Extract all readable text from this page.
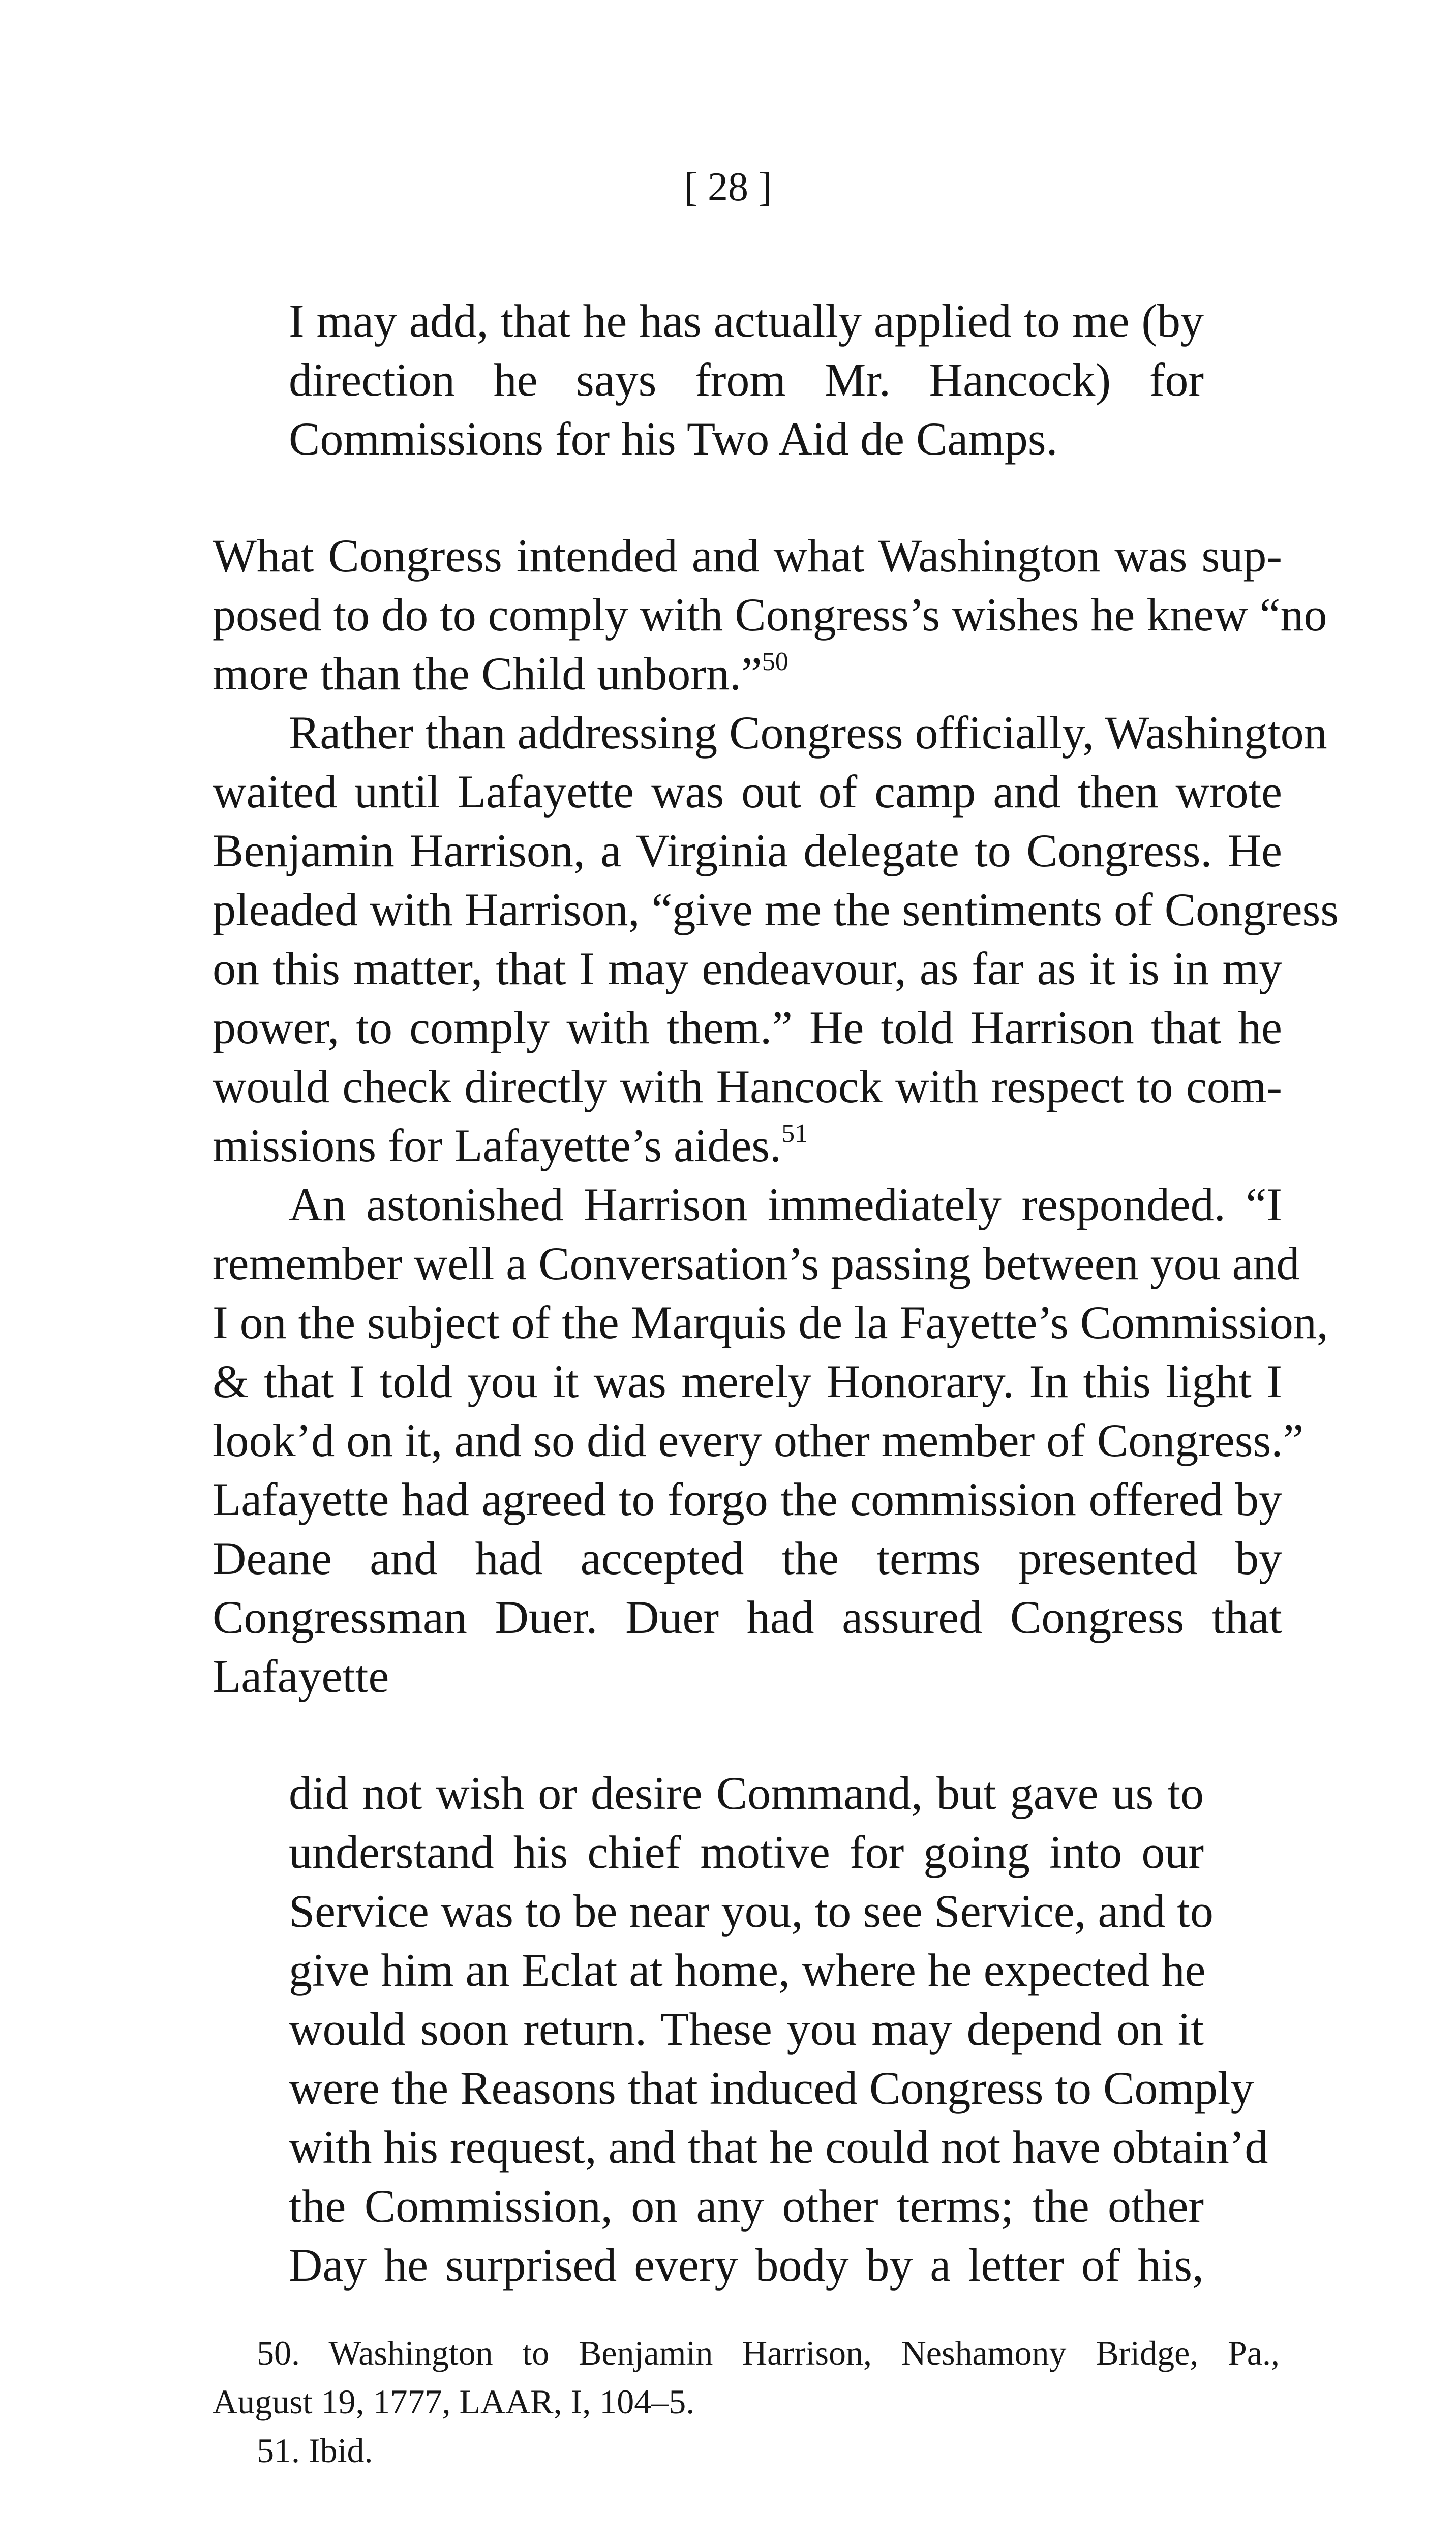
[ 28 ]
I may add, that he has actually applied to me (by
direction he says from Mr. Hancock) for
Commissions for his Two Aid de Camps.
What Congress intended and what Washington was sup-
posed to do to comply with Congress’s wishes he knew “no
more than the Child unborn.”$^{50}$
Rather than addressing Congress officially, Washington
waited until Lafayette was out of camp and then wrote
Benjamin Harrison, a Virginia delegate to Congress. He
pleaded with Harrison, “give me the sentiments of Congress
on this matter, that I may endeavour, as far as it is in my
power, to comply with them.” He told Harrison that he
would check directly with Hancock with respect to com-
missions for Lafayette’s aides.$^{51}$
An astonished Harrison immediately responded. “I
remember well a Conversation’s passing between you and
I on the subject of the Marquis de la Fayette’s Commission,
& that I told you it was merely Honorary. In this light I
look’d on it, and so did every other member of Congress.”
Lafayette had agreed to forgo the commission offered by
Deane and had accepted the terms presented by
Congressman Duer. Duer had assured Congress that
Lafayette
did not wish or desire Command, but gave us to
understand his chief motive for going into our
Service was to be near you, to see Service, and to
give him an Eclat at home, where he expected he
would soon return. These you may depend on it
were the Reasons that induced Congress to Comply
with his request, and that he could not have obtain’d
the Commission, on any other terms; the other
Day he surprised every body by a letter of his,
50. Washington to Benjamin Harrison, Neshamony Bridge, Pa.,
August 19, 1777, LAAR, I, 104–5.
51. Ibid.
